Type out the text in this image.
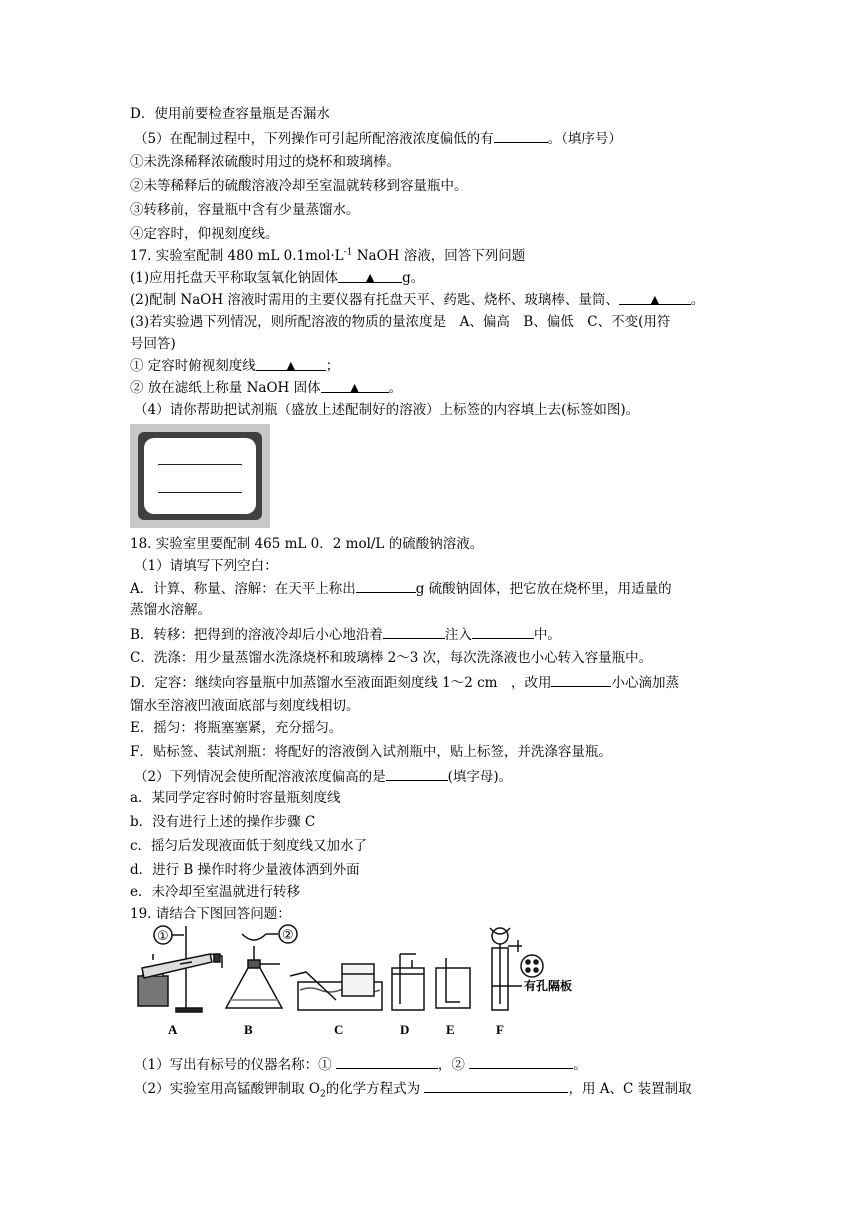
D．使用前要检查容量瓶是否漏水
（5）在配制过程中，下列操作可引起所配溶液浓度偏低的有	。（填序号）
①未洗涤稀释浓硫酸时用过的烧杯和玻璃棒。
②未等稀释后的硫酸溶液冷却至室温就转移到容量瓶中。
③转移前，容量瓶中含有少量蒸馏水。
④定容时，仰视刻度线。
17. 实验室配制 480 mL $0.1mol\cdot L^{-1}$ NaOH 溶液，回答下列问题
(1)应用托盘天平称取氢氧化钠固体	▲ g。
(2)配制 NaOH 溶液时需用的主要仪器有托盘天平、药匙、烧杯、玻璃棒、量筒、	▲ 。
(3)若实验遇下列情况，则所配溶液的物质的量浓度是　A、偏高　B、偏低　C、不变(用符
号回答)
① 定容时俯视刻度线	▲ ；
② 放在滤纸上称量 NaOH 固体	▲ 。
（4）请你帮助把试剂瓶（盛放上述配制好的溶液）上标签的内容填上去(标签如图)。
18. 实验室里要配制 465 mL 0．2 mol/L 的硫酸钠溶液。
（1）请填写下列空白：
A．计算、称量、溶解：在天平上称出	g 硫酸钠固体，把它放在烧杯里，用适量的
蒸馏水溶解。
B．转移：把得到的溶液冷却后小心地沿着	注入	中。
C．洗涤：用少量蒸馏水洗涤烧杯和玻璃棒 2～3 次，每次洗涤液也小心转入容量瓶中。
D．定容：继续向容量瓶中加蒸馏水至液面距刻度线 1～2 cm　，改用	小心滴加蒸
馏水至溶液凹液面底部与刻度线相切。
E．摇匀：将瓶塞塞紧，充分摇匀。
F．贴标签、装试剂瓶：将配好的溶液倒入试剂瓶中，贴上标签，并洗涤容量瓶。
（2）下列情况会使所配溶液浓度偏高的是	(填字母)。
a．某同学定容时俯时容量瓶刻度线
b．没有进行上述的操作步骤 C
c．摇匀后发现液面低于刻度线又加水了
d．进行 B 操作时将少量液体洒到外面
e．未冷却至室温就进行转移
19. 请结合下图回答问题：
①	②
有孔隔板
A	B	C	D	E	F
（1）写出有标号的仪器名称：①	，②	。
（2）实验室用高锰酸钾制取 $O_2$的化学方程式为	，用 A、C 装置制取
